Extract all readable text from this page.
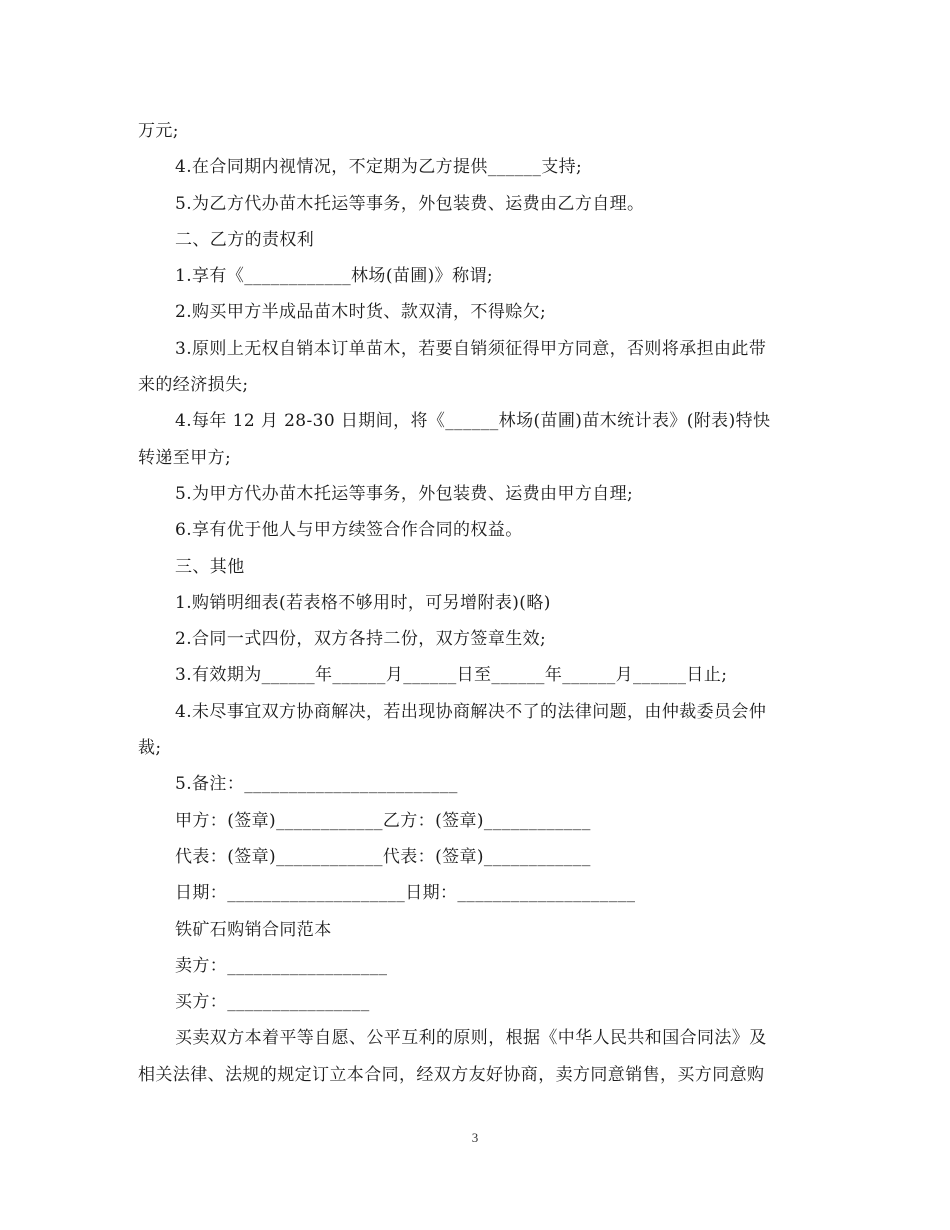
万元;
4.在合同期内视情况，不定期为乙方提供______支持;
5.为乙方代办苗木托运等事务，外包装费、运费由乙方自理。
二、乙方的责权利
1.享有《____________林场(苗圃)》称谓;
2.购买甲方半成品苗木时货、款双清，不得赊欠;
3.原则上无权自销本订单苗木，若要自销须征得甲方同意，否则将承担由此带
来的经济损失;
4.每年 12 月 28-30 日期间，将《______林场(苗圃)苗木统计表》(附表)特快
转递至甲方;
5.为甲方代办苗木托运等事务，外包装费、运费由甲方自理;
6.享有优于他人与甲方续签合作合同的权益。
三、其他
1.购销明细表(若表格不够用时，可另增附表)(略)
2.合同一式四份，双方各持二份，双方签章生效;
3.有效期为______年______月______日至______年______月______日止;
4.未尽事宜双方协商解决，若出现协商解决不了的法律问题，由仲裁委员会仲
裁;
5.备注：________________________
甲方：(签章)____________乙方：(签章)____________
代表：(签章)____________代表：(签章)____________
日期：____________________日期：____________________
铁矿石购销合同范本
卖方：__________________
买方：________________
买卖双方本着平等自愿、公平互利的原则，根据《中华人民共和国合同法》及
相关法律、法规的规定订立本合同，经双方友好协商，卖方同意销售，买方同意购
3
